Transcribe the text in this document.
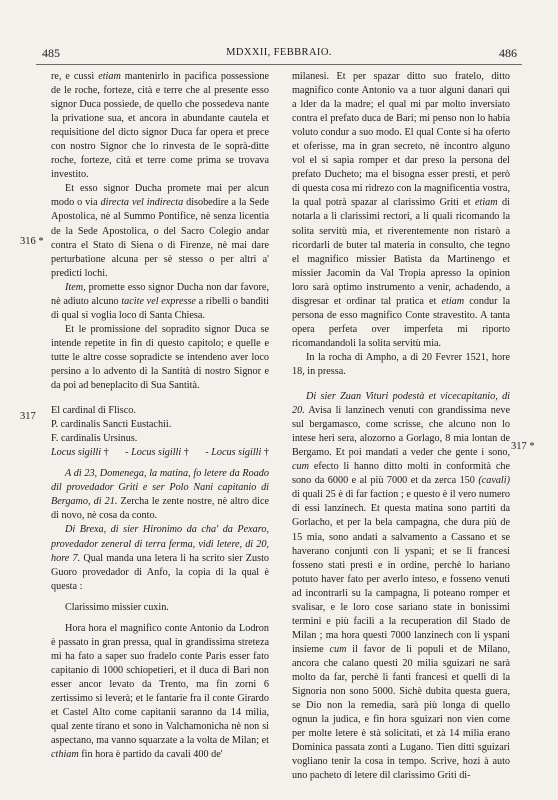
485	MDXXII, FEBBRAIO.	486
316 *
317
317 *

re, e cussì etiam mantenirlo in pacifica possessione de le roche, forteze, cità e terre che al presente esso signor Duca possiede, de quello che possedeva nante la privatione sua, et ancora in abundante cautela et requisitione del dicto signor Duca far opera et prece con nostro Signor che lo rinvesta de le soprà-ditte roche, forteze, cità et terre come prima se trovava investito.

Et esso signor Ducha promete mai per alcun modo o via directa vel indirecta disobedire a la Sede Apostolica, nè al Summo Pontifice, nè senza licentia de la Sede Apostolica, o del Sacro Colegio andar contra el Stato di Siena o di Firenze, nè mai dare perturbatione alcuna per sè stesso o per altri a' predicti lochi.

Item, promette esso signor Ducha non dar favore, nè adiuto alcuno tacite vel expresse a ribelli o banditi di qual si voglia loco di Santa Chiesa.

Et le promissione del sopradito signor Duca se intende repetite in fin di questo capitolo; e quelle e tutte le altre cosse sopradicte se intendeno aver loco persino a lo advento di la Santità di nostro Signor e da poi ad beneplacito di Sua Santità.

El cardinal di Flisco.

P. cardinalis Sancti Eustachii.

F. cardinalis Ursinus.

Locus sigilli † - Locus sigilli † - Locus sigilli †

A dì 23, Domenega, la matina, fo letere da Roado dil provedador Griti e ser Polo Nani capitanio di Bergamo, di 21. Zercha le zente nostre, nè altro dice di novo, nè cosa da conto.

Di Brexa, di sier Hironimo da cha' da Pexaro, provedador zeneral di terra ferma, vidi letere, di 20, hore 7. Qual manda una letera li ha scrito sier Zusto Guoro provedador di Anfo, la copia di la qual è questa :

Clarissimo missier cuxin.

Hora hora el magnifico conte Antonio da Lodron è passato in gran pressa, qual in grandissima streteza mi ha fato a saper suo fradelo conte Paris esser fato capitanio di 1000 schiopetieri, et il duca di Bari non esser ancor levato da Trento, ma fin zorni 6 zertissimo si leverà; et le fantarie fra il conte Girardo et Castel Alto come capitanii saranno da 14 milia, qual zente tirano et sono in Valchamonicha nè non si aspectano, ma vanno squarzate a la volta de Milan; et cthiam fin hora è partido da cavali 400 de'

milanesi. Et per spazar ditto suo fratelo, ditto magnifico conte Antonio va a tuor alguni danari qui a lder da la madre; el qual mi par molto inversiato contra el prefato duca de Bari; mi penso non lo habia voluto condur a suo modo. El qual Conte si ha oferto et oferisse, ma in gran secreto, nè incontro alguno vol el si sapia romper et dar preso la persona del prefato Ducheto; ma el bisogna esser presti, et però di questa cosa mi ridrezo con la magnificentia vostra, la qual potrà spazar al clarissimo Griti et etiam di notarla a li clarissimi rectori, a li quali ricomando la solita servitù mia, et riverentemente non ristarò a ricordarli de buter tal materia in consulto, che tegno el magnifico missier Batista da Martinengo et missier Jacomin da Val Tropia apresso la opinion loro sarà optimo instrumento a venir, achadendo, a disgresar et ordinar tal pratica et etiam condur la persona de esso magnifico Conte stravestito. A tanta opera perfeta over imperfeta mi riporto ricomandandoli la solita servitù mia.

In la rocha di Ampho, a di 20 Fevrer 1521, hore 18, in pressa.

Di sier Zuan Vituri podestà et vicecapitanio, di 20. Avisa li lanzinech venuti con grandissima neve sul bergamasco, come scrisse, che alcuno non lo intese heri sera, alozorno a Gorlago, 8 mia lontan de Bergamo. Et poi mandati a veder che gente i sono, cum efecto li hanno ditto molti in conformità che sono da 6000 e al più 7000 et da zerca 150 (cavali) di quali 25 è di far faction ; e questo è il vero numero di essi lanzinech. Et questa matina sono partiti da Gorlacho, et per la bela campagna, che dura più de 15 mia, sono andati a salvamento a Cassano et se haverano conjunti con li yspani; et se li francesi fosseno stati presti e in ordine, perchè lo hariano potuto haver fato per averlo inteso, e fosseno venuti ad incontrarli su la campagna, li poteano romper et svalisar, e le loro cose sariano state in bonissimi termini e più facili a la recuperation dil Stado de Milan ; ma hora questi 7000 lanzinech con li yspani insieme cum il favor de li populi et de Milano, ancora che calano questi 20 milia sguizari ne sarà molto da far, perchè li fanti francesi et quelli di la Signoria non sono 5000. Sichè dubita questa guera, se Dio non la remedia, sarà più longa di quello ognun la judica, e fin hora sguizari non vien come per molte letere è stà solicitati, et zà 14 milia erano Dominica passata zonti a Lugano. Tien ditti sguizari vogliano tenir la cosa in tempo. Scrive, hozi à auto uno pacheto di letere dil clarissimo Griti di-
